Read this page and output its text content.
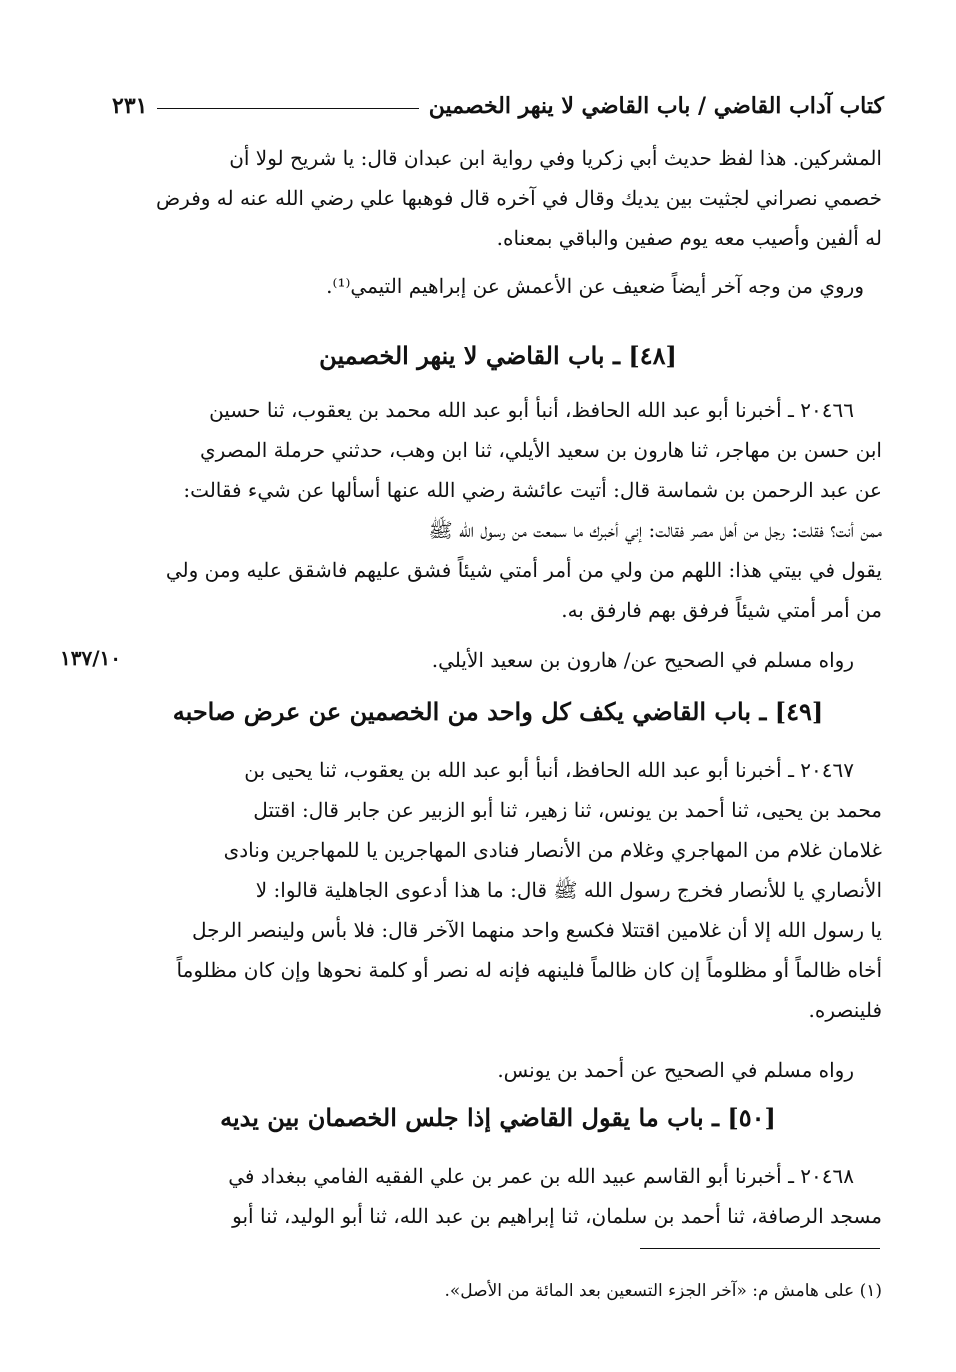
كتاب آداب القاضي / باب القاضي لا ينهر الخصمين
٢٣١
المشركين. هذا لفظ حديث أبي زكريا وفي رواية ابن عبدان قال: يا شريح لولا أن
خصمي نصراني لجثيت بين يديك وقال في آخره قال فوهبها علي رضي الله عنه له وفرض
له ألفين وأصيب معه يوم صفين والباقي بمعناه.
وروي من وجه آخر أيضاً ضعيف عن الأعمش عن إبراهيم التيمي⁽¹⁾.
[٤٨] ـ باب القاضي لا ينهر الخصمين
٢٠٤٦٦ ـ أخبرنا أبو عبد الله الحافظ، أنبأ أبو عبد الله محمد بن يعقوب، ثنا حسين
ابن حسن بن مهاجر، ثنا هارون بن سعيد الأيلي، ثنا ابن وهب، حدثني حرملة المصري
عن عبد الرحمن بن شماسة قال: أتيت عائشة رضي الله عنها أسألها عن شيء فقالت:
ممن أنت؟ فقلت: رجل من أهل مصر فقالت: إني أخبرك ما سمعت من رسول الله ﷺ
يقول في بيتي هذا: اللهم من ولي من أمر أمتي شيئاً فشق عليهم فاشقق عليه ومن ولي
من أمر أمتي شيئاً فرفق بهم فارفق به.
رواه مسلم في الصحيح عن/ هارون بن سعيد الأيلي.
١٣٧/١٠
[٤٩] ـ باب القاضي يكف كل واحد من الخصمين عن عرض صاحبه
٢٠٤٦٧ ـ أخبرنا أبو عبد الله الحافظ، أنبأ أبو عبد الله بن يعقوب، ثنا يحيى بن
محمد بن يحيى، ثنا أحمد بن يونس، ثنا زهير، ثنا أبو الزبير عن جابر قال: اقتتل
غلامان غلام من المهاجري وغلام من الأنصار فنادى المهاجرين يا للمهاجرين ونادى
الأنصاري يا للأنصار فخرج رسول الله ﷺ قال: ما هذا أدعوى الجاهلية قالوا: لا
يا رسول الله إلا أن غلامين اقتتلا فكسع واحد منهما الآخر قال: فلا بأس ولينصر الرجل
أخاه ظالماً أو مظلوماً إن كان ظالماً فلينهه فإنه له نصر أو كلمة نحوها وإن كان مظلوماً
فلينصره.
رواه مسلم في الصحيح عن أحمد بن يونس.
[٥٠] ـ باب ما يقول القاضي إذا جلس الخصمان بين يديه
٢٠٤٦٨ ـ أخبرنا أبو القاسم عبيد الله بن عمر بن علي الفقيه الفامي ببغداد في
مسجد الرصافة، ثنا أحمد بن سلمان، ثنا إبراهيم بن عبد الله، ثنا أبو الوليد، ثنا أبو
(١) على هامش م: «آخر الجزء التسعين بعد المائة من الأصل».
